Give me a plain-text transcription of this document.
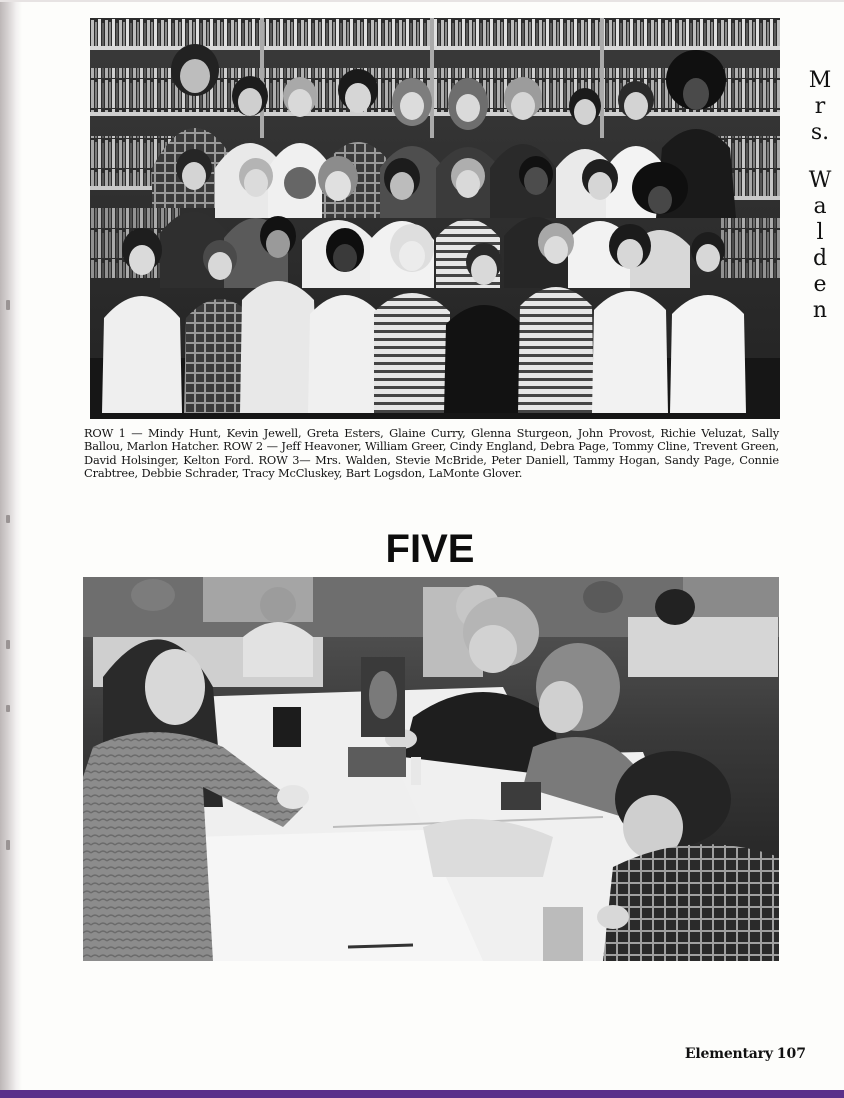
M
r
s.
W
a
l
d
e
n
ROW 1 — Mindy Hunt, Kevin Jewell, Greta Esters, Glaine Curry, Glenna Sturgeon, John Provost, Richie Veluzat, Sally Ballou, Marlon Hatcher. ROW 2 — Jeff Heavoner, William Greer, Cindy England, Debra Page, Tommy Cline, Trevent Green, David Holsinger, Kelton Ford. ROW 3— Mrs. Walden, Stevie McBride, Peter Daniell, Tammy Hogan, Sandy Page, Connie Crabtree, Debbie Schrader, Tracy McCluskey, Bart Logsdon, LaMonte Glover.
FIVE
Elementary 107
